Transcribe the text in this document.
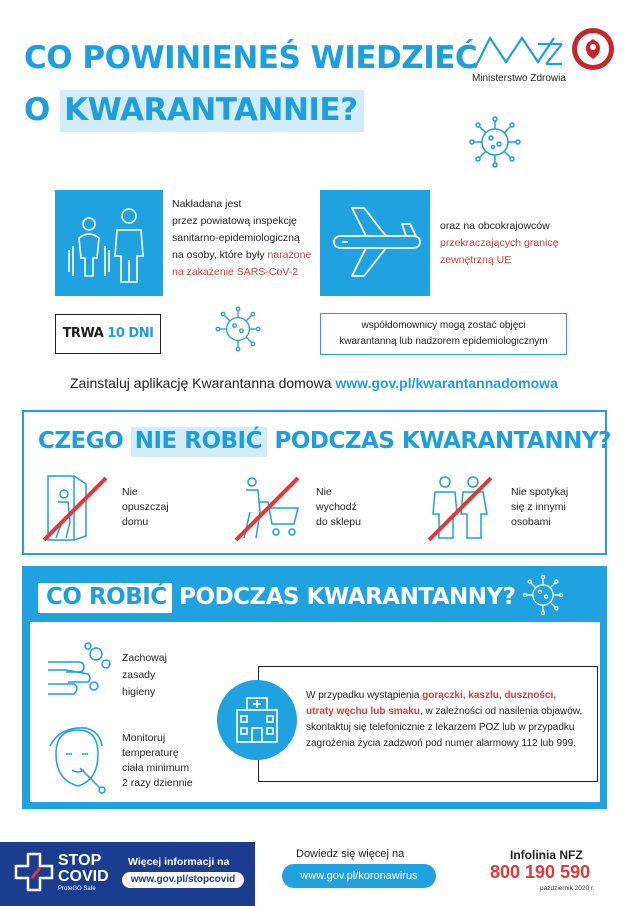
CO POWINIENEŚ WIEDZIEĆ
O KWARANTANNIE?
Ministerstwo Zdrowia
Nakładana jest
przez powiatową inspekcję
sanitarno-epidemiologiczną
na osoby, które były narażone
na zakażenie SARS-CoV-2
oraz na obcokrajowców
przekraczających granicę
zewnętrzną UE
TRWA 10 DNI
współdomownicy mogą zostać objęci
kwarantanną lub nadzorem epidemiologicznym
Zainstaluj aplikację Kwarantanna domowa www.gov.pl/kwarantannadomowa
CZEGO NIE ROBIĆ PODCZAS KWARANTANNY?
Nie
opuszczaj
domu
Nie
wychodź
do sklepu
Nie spotykaj
się z innymi
osobami
CO ROBIĆ PODCZAS KWARANTANNY?
Zachowaj
zasady
higieny
Monitoruj
temperaturę
ciała minimum
2 razy dziennie
W przypadku wystąpienia gorączki, kaszlu, duszności,
utraty węchu lub smaku, w zależności od nasilenia objawów,
skontaktuj się telefonicznie z lekarzem POZ lub w przypadku
zagrożenia życia zadzwoń pod numer alarmowy 112 lub 999.
STOP
COVID
ProteGO Safe
Więcej informacji na
www.gov.pl/stopcovid
Dowiedz się więcej na
www.gov.pl/koronawirus
Infolinia NFZ
800 190 590
październik 2020 r.
